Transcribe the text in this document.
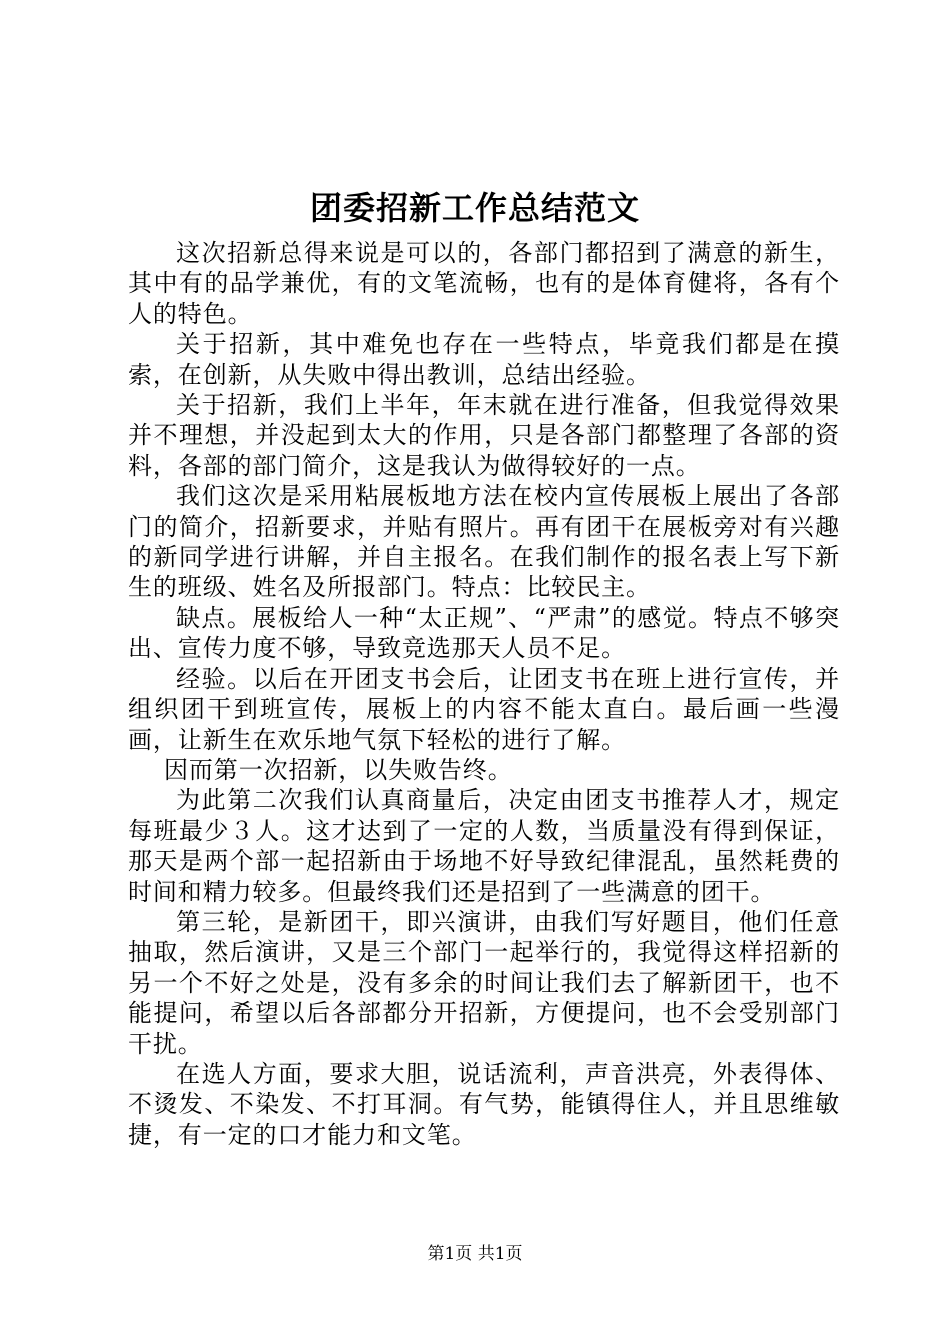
团委招新工作总结范文

这次招新总得来说是可以的，各部门都招到了满意的新生，其中有的品学兼优，有的文笔流畅，也有的是体育健将，各有个人的特色。

关于招新，其中难免也存在一些特点，毕竟我们都是在摸索，在创新，从失败中得出教训，总结出经验。

关于招新，我们上半年，年末就在进行准备，但我觉得效果并不理想，并没起到太大的作用，只是各部门都整理了各部的资料，各部的部门简介，这是我认为做得较好的一点。

我们这次是采用粘展板地方法在校内宣传展板上展出了各部门的简介，招新要求，并贴有照片。再有团干在展板旁对有兴趣的新同学进行讲解，并自主报名。在我们制作的报名表上写下新生的班级、姓名及所报部门。特点：比较民主。

缺点。展板给人一种“太正规”、“严肃”的感觉。特点不够突出、宣传力度不够，导致竞选那天人员不足。

经验。以后在开团支书会后，让团支书在班上进行宣传，并组织团干到班宣传，展板上的内容不能太直白。最后画一些漫画，让新生在欢乐地气氛下轻松的进行了解。

因而第一次招新，以失败告终。

为此第二次我们认真商量后，决定由团支书推荐人才，规定每班最少３人。这才达到了一定的人数，当质量没有得到保证，那天是两个部一起招新由于场地不好导致纪律混乱，虽然耗费的时间和精力较多。但最终我们还是招到了一些满意的团干。

第三轮，是新团干，即兴演讲，由我们写好题目，他们任意抽取，然后演讲，又是三个部门一起举行的，我觉得这样招新的另一个不好之处是，没有多余的时间让我们去了解新团干，也不能提问，希望以后各部都分开招新，方便提问，也不会受别部门干扰。

在选人方面，要求大胆，说话流利，声音洪亮，外表得体、不烫发、不染发、不打耳洞。有气势，能镇得住人，并且思维敏捷，有一定的口才能力和文笔。

第1页 共1页
